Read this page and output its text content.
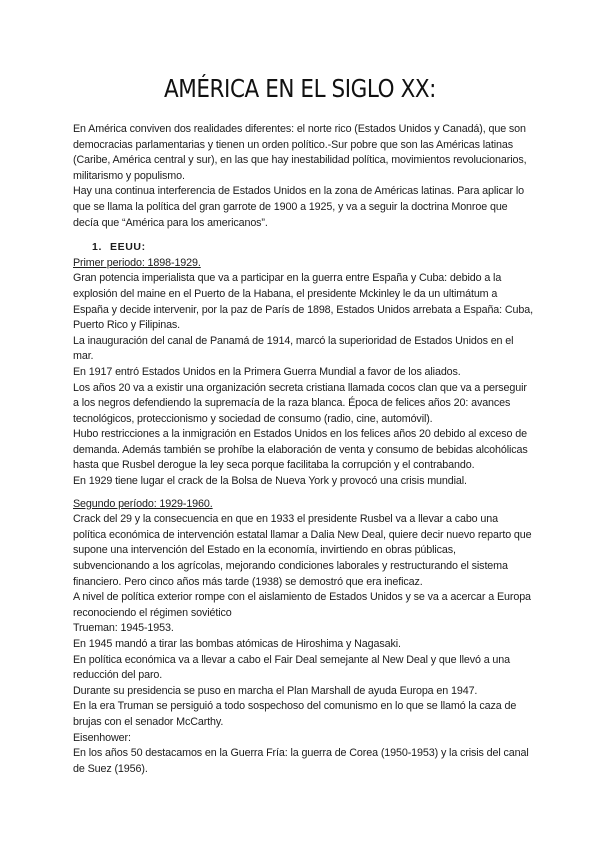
AMÉRICA EN EL SIGLO XX:

En América conviven dos realidades diferentes: el norte rico (Estados Unidos y Canadá), que son democracias parlamentarias y tienen un orden político.-Sur pobre que son las Américas latinas (Caribe, América central y sur), en las que hay inestabilidad política, movimientos revolucionarios, militarismo y populismo.

Hay una continua interferencia de Estados Unidos en la zona de Américas latinas. Para aplicar lo que se llama la política del gran garrote de 1900 a 1925, y va a seguir la doctrina Monroe que decía que “América para los americanos”.

1. EEUU:

Primer periodo: 1898-1929.

Gran potencia imperialista que va a participar en la guerra entre España y Cuba: debido a la explosión del maine en el Puerto de la Habana, el presidente Mckinley le da un ultimátum a España y decide intervenir, por la paz de París de 1898, Estados Unidos arrebata a España: Cuba, Puerto Rico y Filipinas.

La inauguración del canal de Panamá de 1914, marcó la superioridad de Estados Unidos en el mar.

En 1917 entró Estados Unidos en la Primera Guerra Mundial a favor de los aliados.

Los años 20 va a existir una organización secreta cristiana llamada cocos clan que va a perseguir a los negros defendiendo la supremacía de la raza blanca. Época de felices años 20: avances tecnológicos, proteccionismo y sociedad de consumo (radio, cine, automóvil).

Hubo restricciones a la inmigración en Estados Unidos en los felices años 20 debido al exceso de demanda. Además también se prohíbe la elaboración de venta y consumo de bebidas alcohólicas hasta que Rusbel derogue la ley seca porque facilitaba la corrupción y el contrabando.

En 1929 tiene lugar el crack de la Bolsa de Nueva York y provocó una crisis mundial.

Segundo período: 1929-1960.

Crack del 29 y la consecuencia en que en 1933 el presidente Rusbel va a llevar a cabo una política económica de intervención estatal llamar a Dalia New Deal, quiere decir nuevo reparto que supone una intervención del Estado en la economía, invirtiendo en obras públicas, subvencionando a los agrícolas, mejorando condiciones laborales y restructurando el sistema financiero. Pero cinco años más tarde (1938) se demostró que era ineficaz.

A nivel de política exterior rompe con el aislamiento de Estados Unidos y se va a acercar a Europa reconociendo el régimen soviético

Trueman: 1945-1953.

En 1945 mandó a tirar las bombas atómicas de Hiroshima y Nagasaki.

En política económica va a llevar a cabo el Fair Deal semejante al New Deal y que llevó a una reducción del paro.

Durante su presidencia se puso en marcha el Plan Marshall de ayuda Europa en 1947.

En la era Truman se persiguió a todo sospechoso del comunismo en lo que se llamó la caza de brujas con el senador McCarthy.

Eisenhower:

En los años 50 destacamos en la Guerra Fría: la guerra de Corea (1950-1953) y la crisis del canal de Suez (1956).
